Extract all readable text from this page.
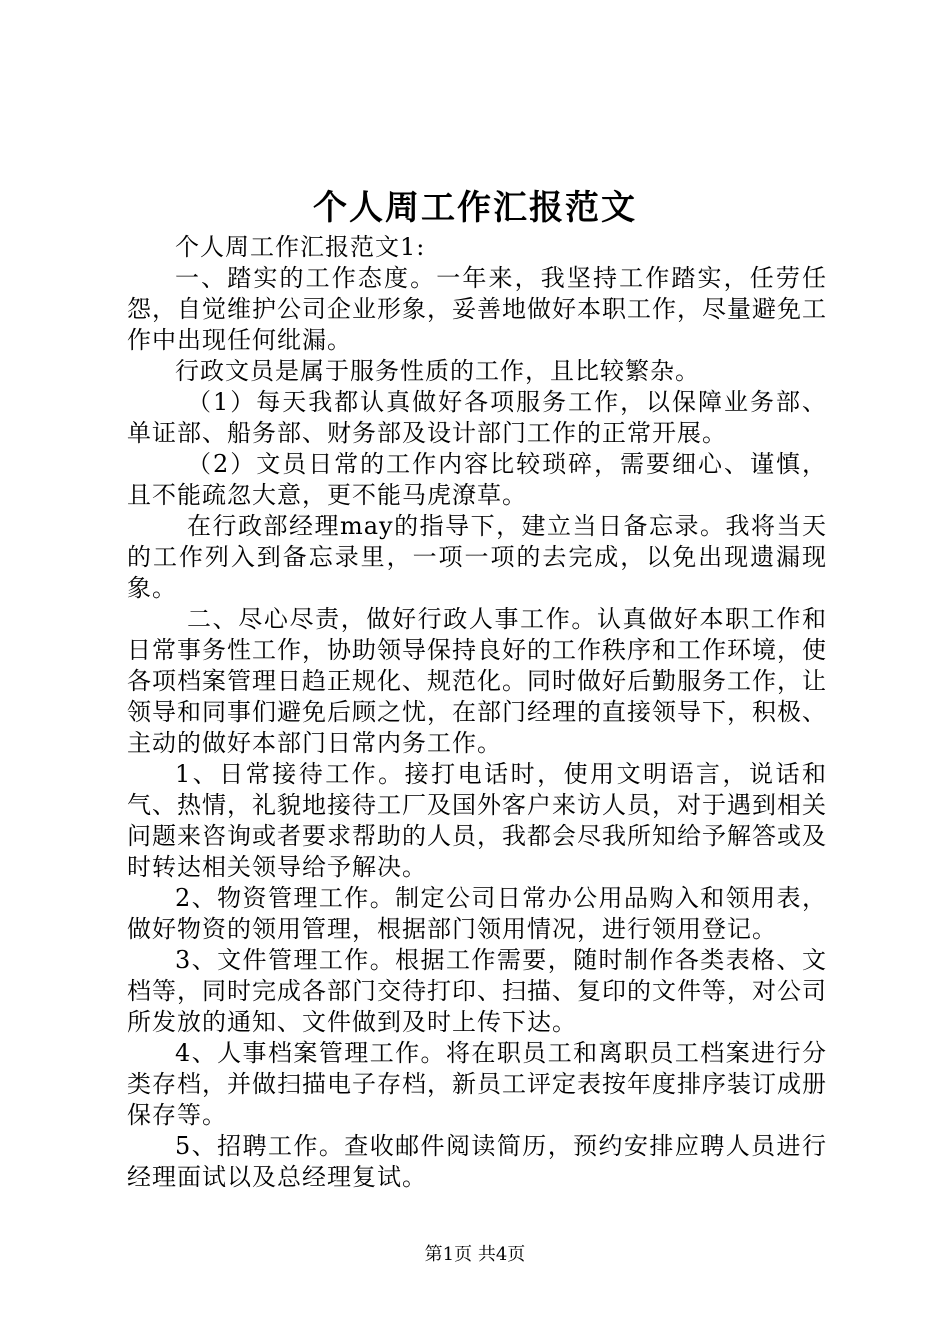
个人周工作汇报范文

个人周工作汇报范文1:

一、踏实的工作态度。一年来，我坚持工作踏实，任劳任怨，自觉维护公司企业形象，妥善地做好本职工作，尽量避免工作中出现任何纰漏。

行政文员是属于服务性质的工作，且比较繁杂。

（1）每天我都认真做好各项服务工作，以保障业务部、单证部、船务部、财务部及设计部门工作的正常开展。

（2）文员日常的工作内容比较琐碎，需要细心、谨慎，且不能疏忽大意，更不能马虎潦草。

在行政部经理may的指导下，建立当日备忘录。我将当天的工作列入到备忘录里，一项一项的去完成，以免出现遗漏现象。

二、尽心尽责，做好行政人事工作。认真做好本职工作和日常事务性工作，协助领导保持良好的工作秩序和工作环境，使各项档案管理日趋正规化、规范化。同时做好后勤服务工作，让领导和同事们避免后顾之忧，在部门经理的直接领导下，积极、主动的做好本部门日常内务工作。

1、日常接待工作。接打电话时，使用文明语言，说话和气、热情，礼貌地接待工厂及国外客户来访人员，对于遇到相关问题来咨询或者要求帮助的人员，我都会尽我所知给予解答或及时转达相关领导给予解决。

2、物资管理工作。制定公司日常办公用品购入和领用表，做好物资的领用管理，根据部门领用情况，进行领用登记。

3、文件管理工作。根据工作需要，随时制作各类表格、文档等，同时完成各部门交待打印、扫描、复印的文件等，对公司所发放的通知、文件做到及时上传下达。

4、人事档案管理工作。将在职员工和离职员工档案进行分类存档，并做扫描电子存档，新员工评定表按年度排序装订成册保存等。

5、招聘工作。查收邮件阅读简历，预约安排应聘人员进行经理面试以及总经理复试。

第1页 共4页
